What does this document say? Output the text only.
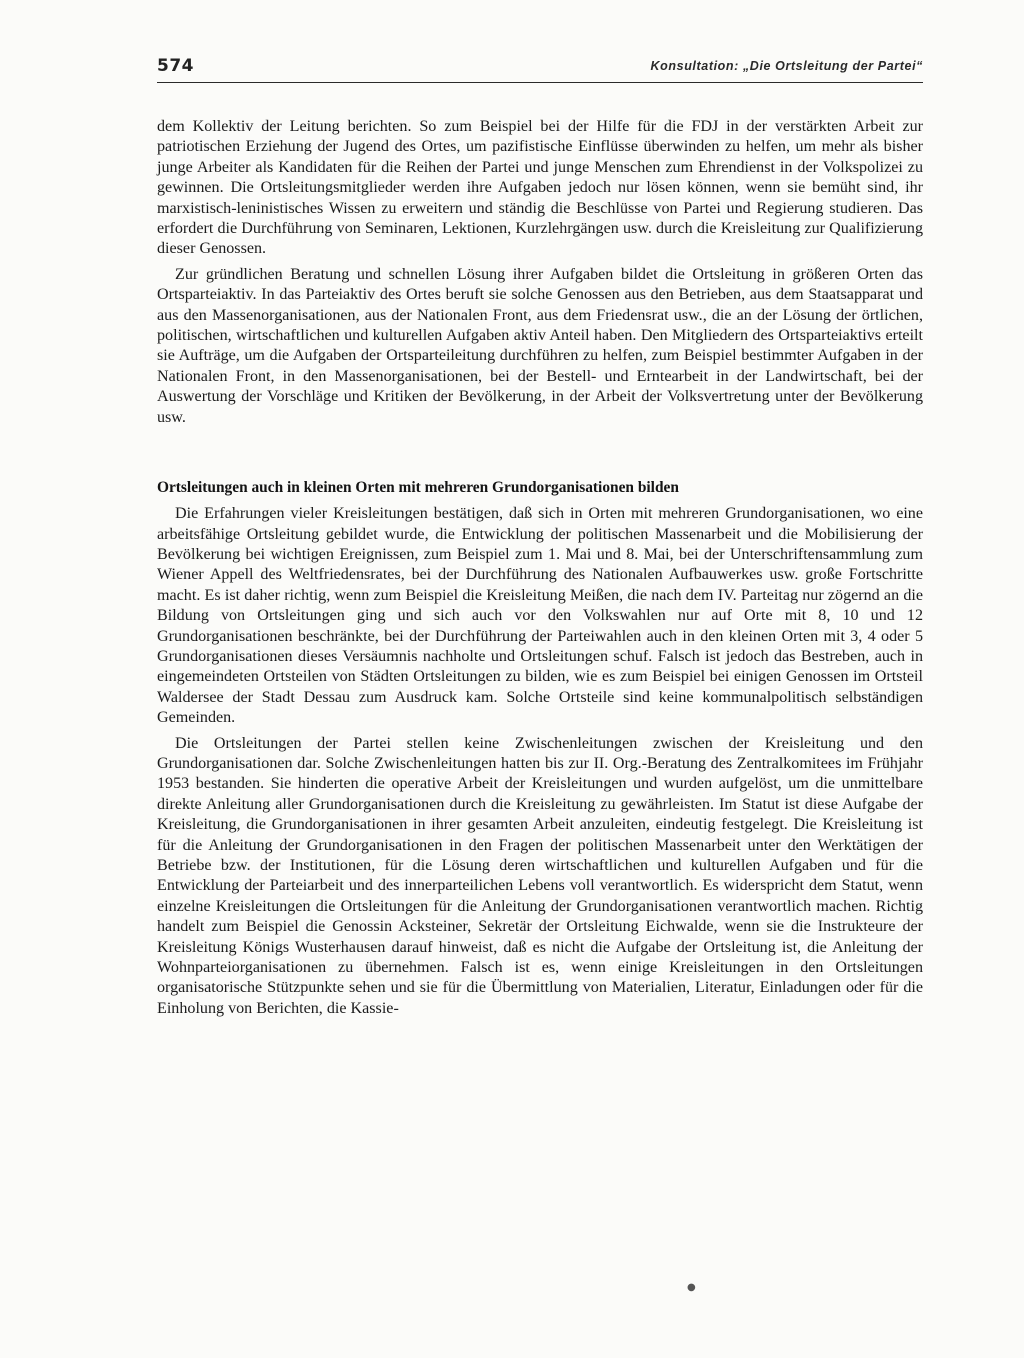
574	Konsultation: „Die Ortsleitung der Partei“

dem Kollektiv der Leitung berichten. So zum Beispiel bei der Hilfe für die FDJ in der verstärkten Arbeit zur patriotischen Erziehung der Jugend des Ortes, um pazifistische Einflüsse überwinden zu helfen, um mehr als bisher junge Arbeiter als Kandidaten für die Reihen der Partei und junge Menschen zum Ehrendienst in der Volkspolizei zu gewinnen. Die Ortsleitungsmitglieder werden ihre Aufgaben jedoch nur lösen können, wenn sie bemüht sind, ihr marxistisch-leninistisches Wissen zu erweitern und ständig die Beschlüsse von Partei und Regierung studieren. Das erfordert die Durchführung von Seminaren, Lektionen, Kurzlehrgängen usw. durch die Kreisleitung zur Qualifizierung dieser Genossen.

Zur gründlichen Beratung und schnellen Lösung ihrer Aufgaben bildet die Ortsleitung in größeren Orten das Ortsparteiaktiv. In das Parteiaktiv des Ortes beruft sie solche Genossen aus den Betrieben, aus dem Staatsapparat und aus den Massenorganisationen, aus der Nationalen Front, aus dem Friedensrat usw., die an der Lösung der örtlichen, politischen, wirtschaftlichen und kulturellen Aufgaben aktiv Anteil haben. Den Mitgliedern des Ortsparteiaktivs erteilt sie Aufträge, um die Aufgaben der Ortsparteileitung durchführen zu helfen, zum Beispiel bestimmter Aufgaben in der Nationalen Front, in den Massenorganisationen, bei der Bestell- und Erntearbeit in der Landwirtschaft, bei der Auswertung der Vorschläge und Kritiken der Bevölkerung, in der Arbeit der Volksvertretung unter der Bevölkerung usw.

Ortsleitungen auch in kleinen Orten mit mehreren Grundorganisationen bilden

Die Erfahrungen vieler Kreisleitungen bestätigen, daß sich in Orten mit mehreren Grundorganisationen, wo eine arbeitsfähige Ortsleitung gebildet wurde, die Entwicklung der politischen Massenarbeit und die Mobilisierung der Bevölkerung bei wichtigen Ereignissen, zum Beispiel zum 1. Mai und 8. Mai, bei der Unterschriftensammlung zum Wiener Appell des Weltfriedensrates, bei der Durchführung des Nationalen Aufbauwerkes usw. große Fortschritte macht. Es ist daher richtig, wenn zum Beispiel die Kreisleitung Meißen, die nach dem IV. Parteitag nur zögernd an die Bildung von Ortsleitungen ging und sich auch vor den Volkswahlen nur auf Orte mit 8, 10 und 12 Grundorganisationen beschränkte, bei der Durchführung der Parteiwahlen auch in den kleinen Orten mit 3, 4 oder 5 Grundorganisationen dieses Versäumnis nachholte und Ortsleitungen schuf. Falsch ist jedoch das Bestreben, auch in eingemeindeten Ortsteilen von Städten Ortsleitungen zu bilden, wie es zum Beispiel bei einigen Genossen im Ortsteil Waldersee der Stadt Dessau zum Ausdruck kam. Solche Ortsteile sind keine kommunalpolitisch selbständigen Gemeinden.

Die Ortsleitungen der Partei stellen keine Zwischenleitungen zwischen der Kreisleitung und den Grundorganisationen dar. Solche Zwischenleitungen hatten bis zur II. Org.-Beratung des Zentralkomitees im Frühjahr 1953 bestanden. Sie hinderten die operative Arbeit der Kreisleitungen und wurden aufgelöst, um die unmittelbare direkte Anleitung aller Grundorganisationen durch die Kreisleitung zu gewährleisten. Im Statut ist diese Aufgabe der Kreisleitung, die Grundorganisationen in ihrer gesamten Arbeit anzuleiten, eindeutig festgelegt. Die Kreisleitung ist für die Anleitung der Grundorganisationen in den Fragen der politischen Massenarbeit unter den Werktätigen der Betriebe bzw. der Institutionen, für die Lösung deren wirtschaftlichen und kulturellen Aufgaben und für die Entwicklung der Parteiarbeit und des innerparteilichen Lebens voll verantwortlich. Es widerspricht dem Statut, wenn einzelne Kreisleitungen die Ortsleitungen für die Anleitung der Grundorganisationen verantwortlich machen. Richtig handelt zum Beispiel die Genossin Acksteiner, Sekretär der Ortsleitung Eichwalde, wenn sie die Instrukteure der Kreisleitung Königs Wusterhausen darauf hinweist, daß es nicht die Aufgabe der Ortsleitung ist, die Anleitung der Wohnparteiorganisationen zu übernehmen. Falsch ist es, wenn einige Kreisleitungen in den Ortsleitungen organisatorische Stützpunkte sehen und sie für die Übermittlung von Materialien, Literatur, Einladungen oder für die Einholung von Berichten, die Kassie-

●
